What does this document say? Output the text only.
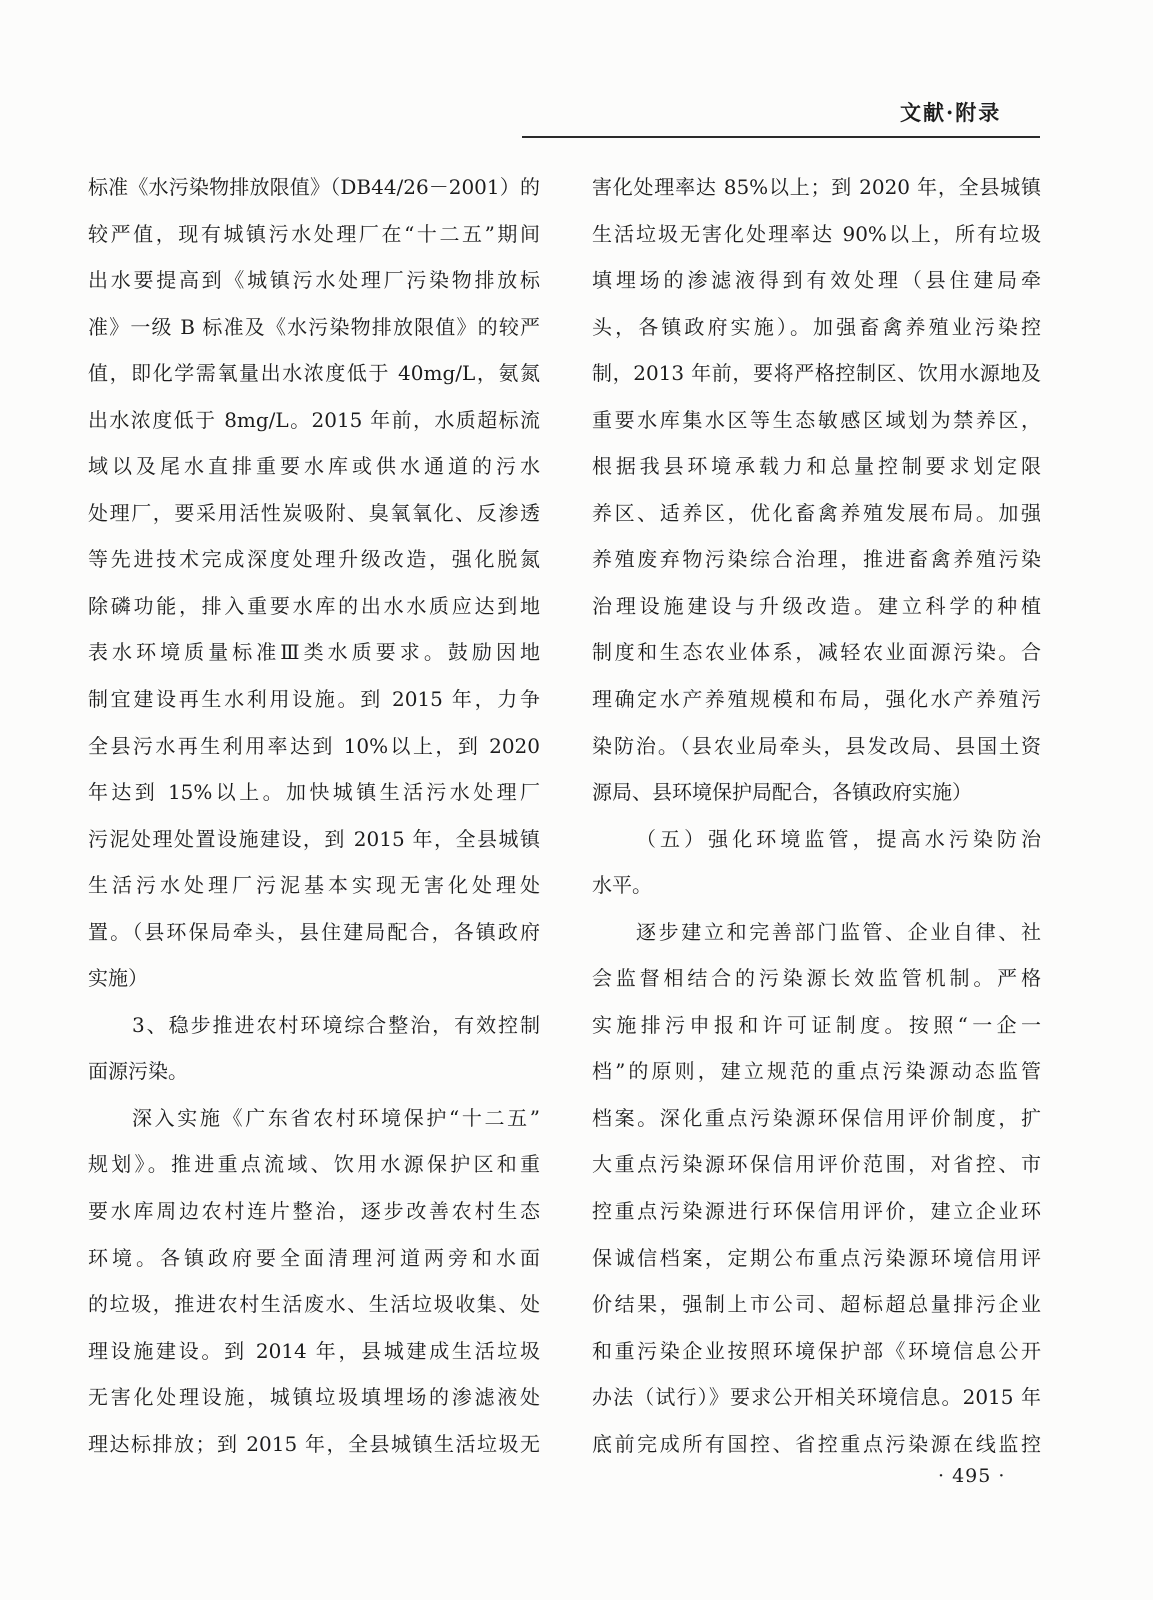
文献·附录
标准《水污染物排放限值》（DB44/26－2001）的
较严值，现有城镇污水处理厂在“十二五”期间
出水要提高到《城镇污水处理厂污染物排放标
准》一级 B 标准及《水污染物排放限值》的较严
值，即化学需氧量出水浓度低于 40mg/L，氨氮
出水浓度低于 8mg/L。2015 年前，水质超标流
域以及尾水直排重要水库或供水通道的污水
处理厂，要采用活性炭吸附、臭氧氧化、反渗透
等先进技术完成深度处理升级改造，强化脱氮
除磷功能，排入重要水库的出水水质应达到地
表水环境质量标准Ⅲ类水质要求。鼓励因地
制宜建设再生水利用设施。到 2015 年，力争
全县污水再生利用率达到 10%以上，到 2020
年达到 15%以上。加快城镇生活污水处理厂
污泥处理处置设施建设，到 2015 年，全县城镇
生活污水处理厂污泥基本实现无害化处理处
置。（县环保局牵头，县住建局配合，各镇政府
实施）
3、稳步推进农村环境综合整治，有效控制
面源污染。
深入实施《广东省农村环境保护“十二五”
规划》。推进重点流域、饮用水源保护区和重
要水库周边农村连片整治，逐步改善农村生态
环境。各镇政府要全面清理河道两旁和水面
的垃圾，推进农村生活废水、生活垃圾收集、处
理设施建设。到 2014 年，县城建成生活垃圾
无害化处理设施，城镇垃圾填埋场的渗滤液处
理达标排放；到 2015 年，全县城镇生活垃圾无
害化处理率达 85%以上；到 2020 年，全县城镇
生活垃圾无害化处理率达 90%以上，所有垃圾
填埋场的渗滤液得到有效处理（县住建局牵
头，各镇政府实施）。加强畜禽养殖业污染控
制，2013 年前，要将严格控制区、饮用水源地及
重要水库集水区等生态敏感区域划为禁养区，
根据我县环境承载力和总量控制要求划定限
养区、适养区，优化畜禽养殖发展布局。加强
养殖废弃物污染综合治理，推进畜禽养殖污染
治理设施建设与升级改造。建立科学的种植
制度和生态农业体系，减轻农业面源污染。合
理确定水产养殖规模和布局，强化水产养殖污
染防治。（县农业局牵头，县发改局、县国土资
源局、县环境保护局配合，各镇政府实施）
（五）强化环境监管，提高水污染防治
水平。
逐步建立和完善部门监管、企业自律、社
会监督相结合的污染源长效监管机制。严格
实施排污申报和许可证制度。按照“一企一
档”的原则，建立规范的重点污染源动态监管
档案。深化重点污染源环保信用评价制度，扩
大重点污染源环保信用评价范围，对省控、市
控重点污染源进行环保信用评价，建立企业环
保诚信档案，定期公布重点污染源环境信用评
价结果，强制上市公司、超标超总量排污企业
和重污染企业按照环境保护部《环境信息公开
办法（试行）》要求公开相关环境信息。2015 年
底前完成所有国控、省控重点污染源在线监控
· 495 ·
